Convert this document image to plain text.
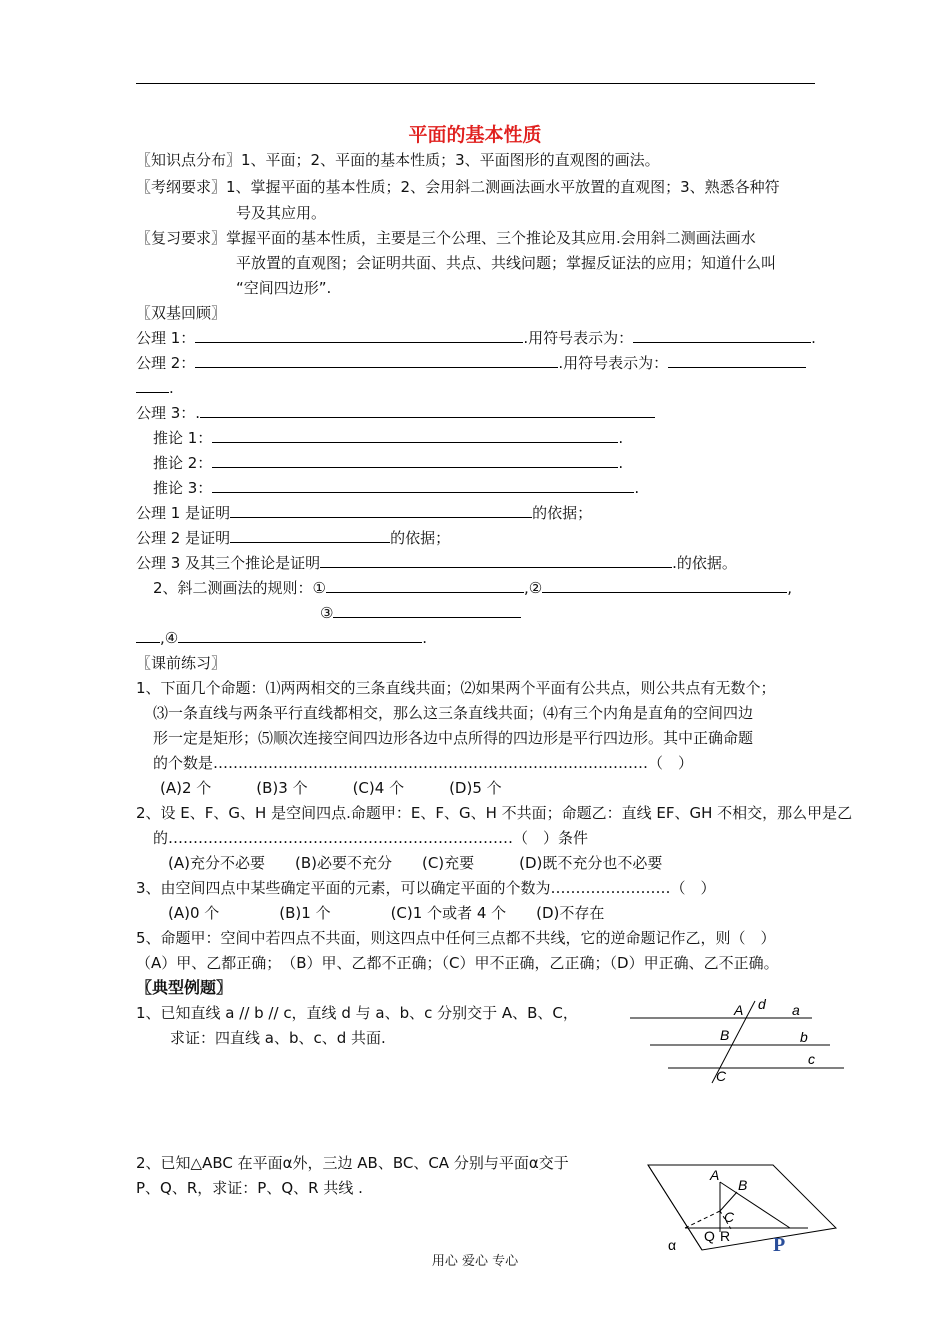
平面的基本性质
〖知识点分布〗1、平面；2、平面的基本性质；3、平面图形的直观图的画法。
〖考纲要求〗1、掌握平面的基本性质；2、会用斜二测画法画水平放置的直观图；3、熟悉各种符
号及其应用。
〖复习要求〗掌握平面的基本性质，主要是三个公理、三个推论及其应用.会用斜二测画法画水
平放置的直观图；会证明共面、共点、共线问题；掌握反证法的应用；知道什么叫
“空间四边形”.
〖双基回顾〗
公理 1：	.用符号表示为：	.
公理 2：	.用符号表示为：
.
公理 3：.
推论 1：	.
推论 2：	.
推论 3：	.
公理 1 是证明	的依据；
公理 2 是证明	的依据；
公理 3 及其三个推论是证明	.的依据。
2、斜二测画法的规则：①	,②	,
③
,④	.
〖课前练习〗
1、下面几个命题：⑴两两相交的三条直线共面；⑵如果两个平面有公共点，则公共点有无数个；
⑶一条直线与两条平行直线都相交，那么这三条直线共面；⑷有三个内角是直角的空间四边
形一定是矩形；⑸顺次连接空间四边形各边中点所得的四边形是平行四边形。其中正确命题
的个数是……………………………………………………………………………（　）
(A)2 个　　　(B)3 个　　　(C)4 个　　　(D)5 个
2、设 E、F、G、H 是空间四点.命题甲：E、F、G、H 不共面；命题乙：直线 EF、GH 不相交，那么甲是乙
的……………………………………………………………（　）条件
(A)充分不必要　　(B)必要不充分　　(C)充要　　　(D)既不充分也不必要
3、由空间四点中某些确定平面的元素，可以确定平面的个数为……………………（　）
(A)0 个　　　　(B)1 个　　　　(C)1 个或者 4 个　　(D)不存在
5、命题甲：空间中若四点不共面，则这四点中任何三点都不共线，它的逆命题记作乙，则（　）
（A）甲、乙都正确；　（B）甲、乙都不正确；（C）甲不正确，乙正确；（D）甲正确、乙不正确。
〖典型例题〗
1、已知直线 a // b // c，直线 d 与 a、b、c 分别交于 A、B、C，
求证：四直线 a、b、c、d 共面.
2、已知△ABC 在平面α外，三边 AB、BC、CA 分别与平面α交于
P、Q、R，求证：P、Q、R 共线 .
d
A	a
B	b
c
C
A
B
C
Q R P
α
用心 爱心 专心
